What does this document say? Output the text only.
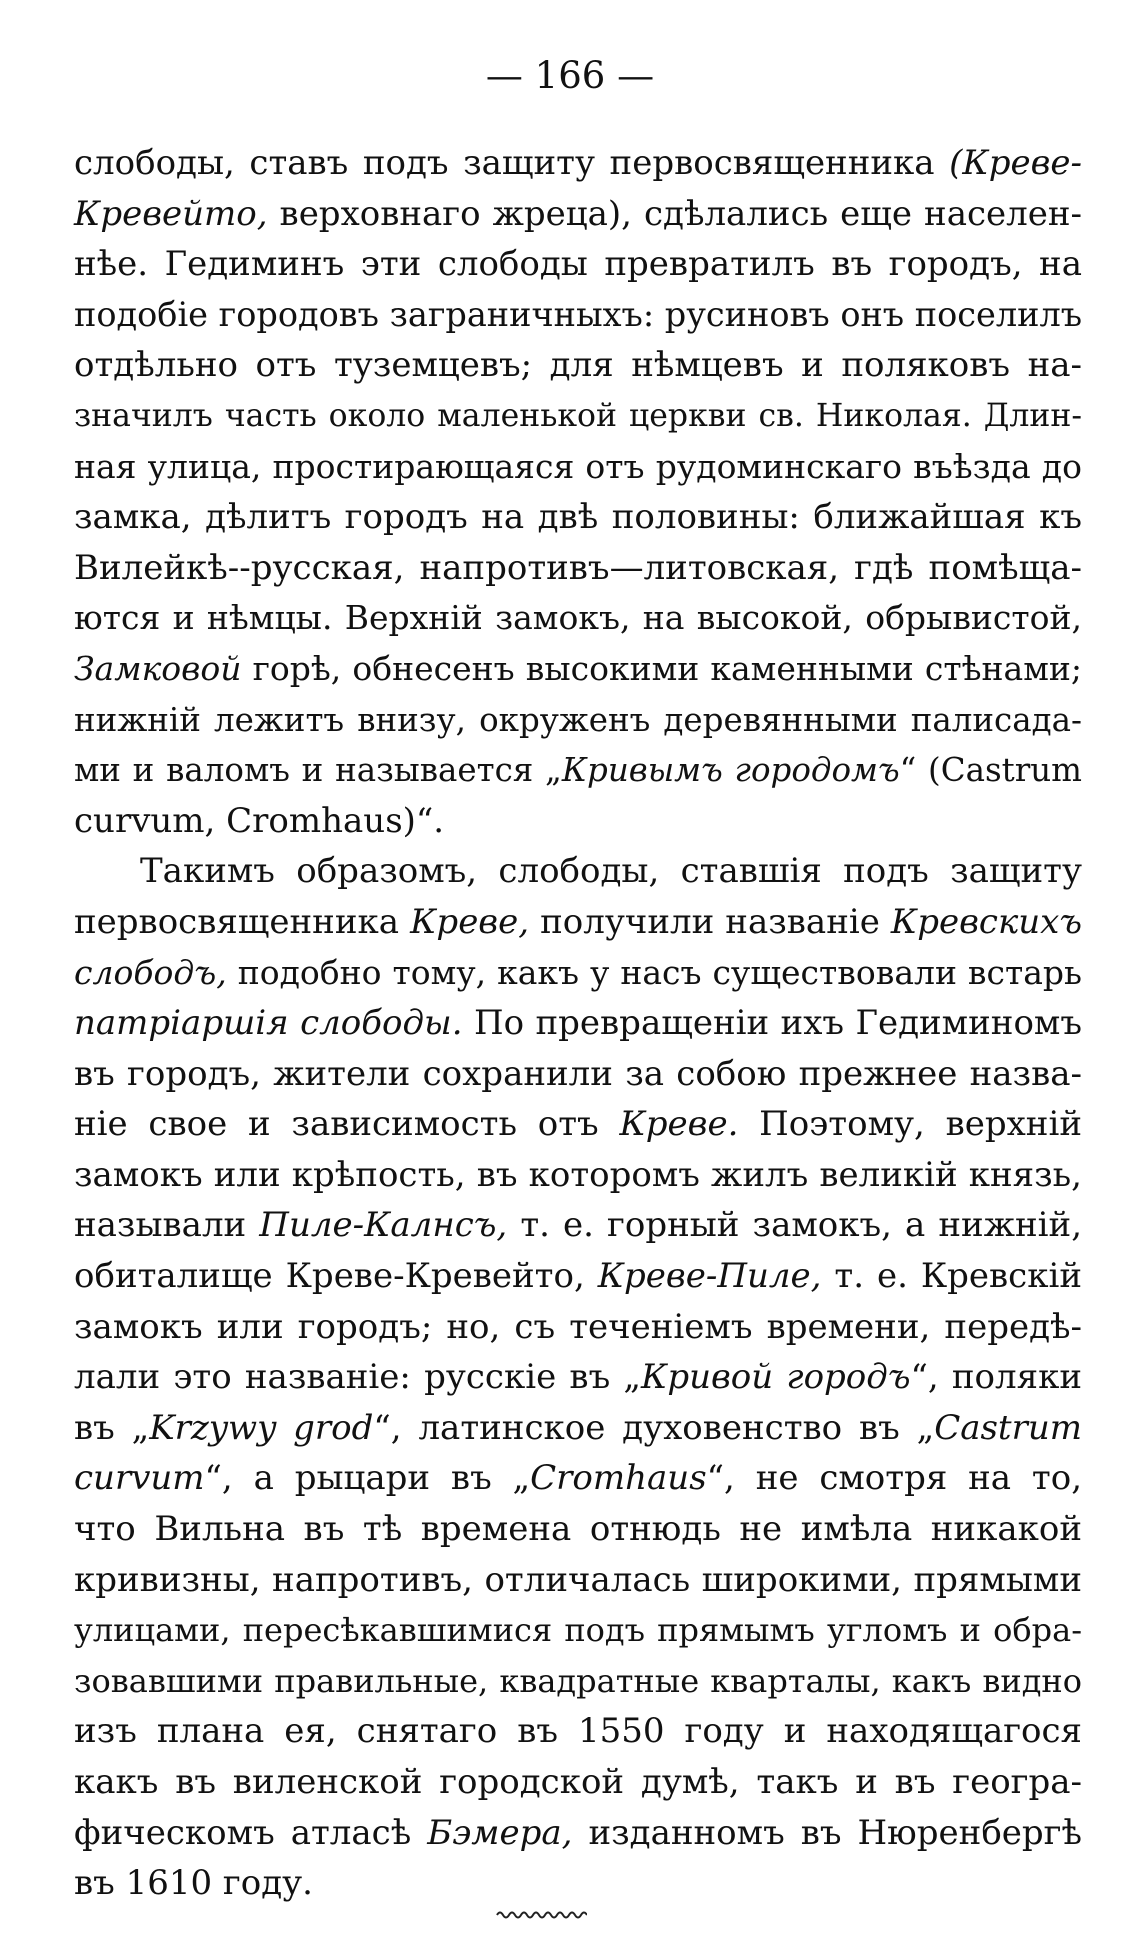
— 166 —
слободы, ставъ подъ защиту первосвященника (Креве-
Кревейто, верховнаго жреца), сдѣлались еще населен-
нѣе. Гедиминъ эти слободы превратилъ въ городъ, на
подобіе городовъ заграничныхъ: русиновъ онъ поселилъ
отдѣльно отъ туземцевъ; для нѣмцевъ и поляковъ на-
значилъ часть около маленькой церкви св. Николая. Длин-
ная улица, простирающаяся отъ рудоминскаго въѣзда до
замка, дѣлитъ городъ на двѣ половины: ближайшая къ
Вилейкѣ--русская, напротивъ—литовская, гдѣ помѣща-
ются и нѣмцы. Верхній замокъ, на высокой, обрывистой,
Замковой горѣ, обнесенъ высокими каменными стѣнами;
нижній лежитъ внизу, окруженъ деревянными палисада-
ми и валомъ и называется „Кривымъ городомъ“ (Castrum
curvum, Cromhaus)“.
Такимъ образомъ, слободы, ставшія подъ защиту
первосвященника Креве, получили названіе Кревскихъ
слободъ, подобно тому, какъ у насъ существовали встарь
патріаршія слободы. По превращеніи ихъ Гедиминомъ
въ городъ, жители сохранили за собою прежнее назва-
ніе свое и зависимость отъ Креве. Поэтому, верхній
замокъ или крѣпость, въ которомъ жилъ великій князь,
называли Пиле-Калнсъ, т. е. горный замокъ, а нижній,
обиталище Креве-Кревейто, Креве-Пиле, т. е. Кревскій
замокъ или городъ; но, съ теченіемъ времени, передѣ-
лали это названіе: русскіе въ „Кривой городъ“, поляки
въ „Krzywy grod“, латинское духовенство въ „Castrum
curvum“, а рыцари въ „Cromhaus“, не смотря на то,
что Вильна въ тѣ времена отнюдь не имѣла никакой
кривизны, напротивъ, отличалась широкими, прямыми
улицами, пересѣкавшимися подъ прямымъ угломъ и обра-
зовавшими правильные, квадратные кварталы, какъ видно
изъ плана ея, снятаго въ 1550 году и находящагося
какъ въ виленской городской думѣ, такъ и въ геогра-
фическомъ атласѣ Бэмера, изданномъ въ Нюренбергѣ
въ 1610 году.
